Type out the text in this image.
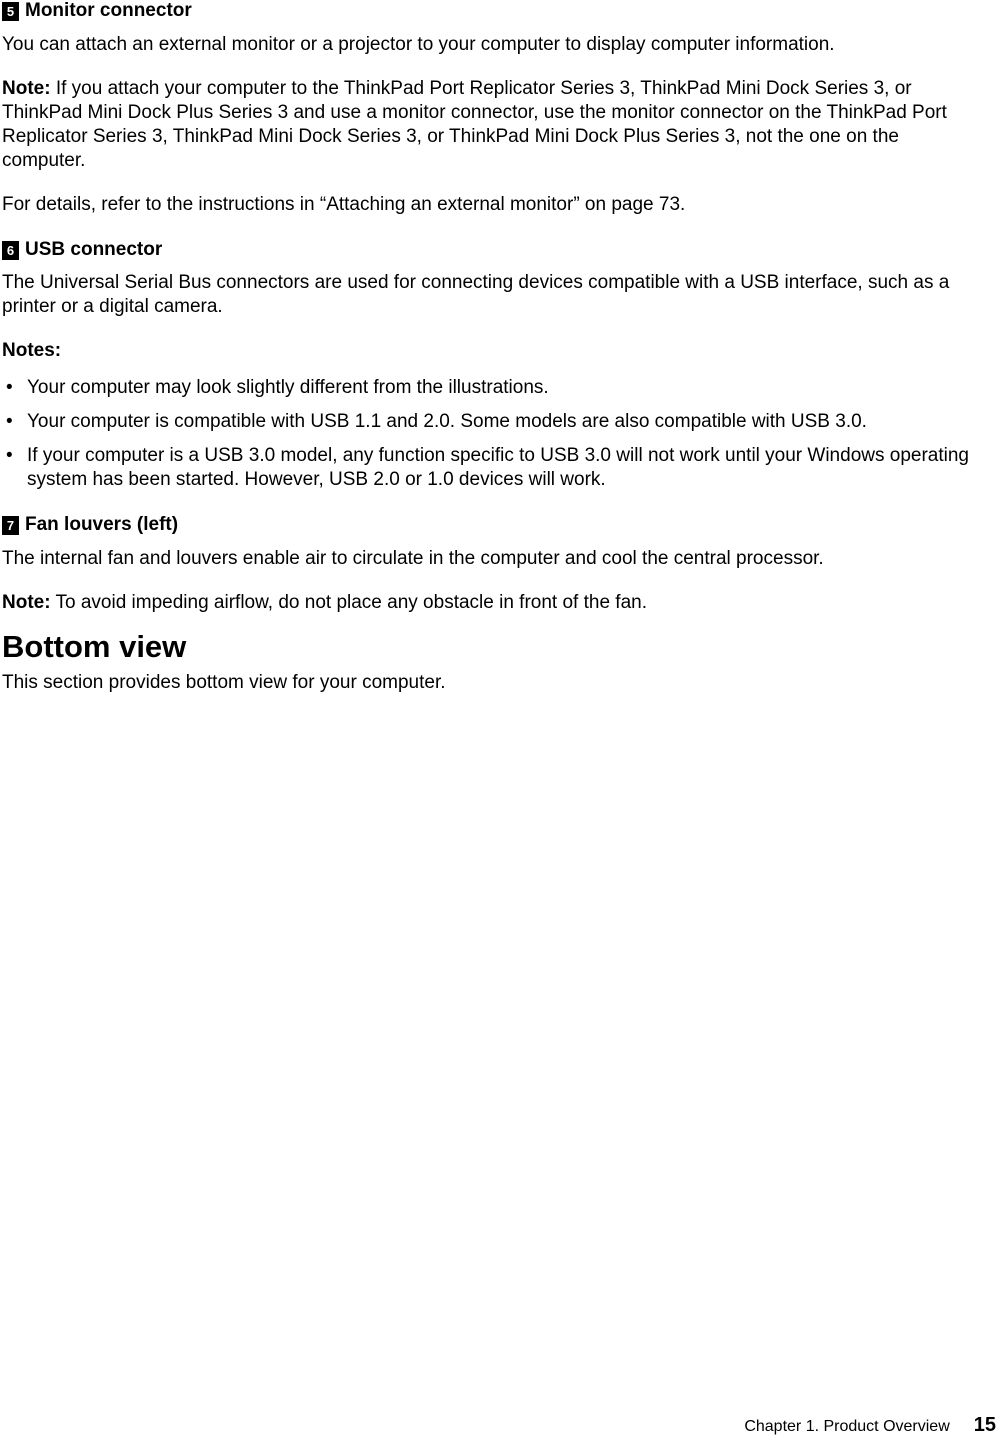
5 Monitor connector

You can attach an external monitor or a projector to your computer to display computer information.

Note: If you attach your computer to the ThinkPad Port Replicator Series 3, ThinkPad Mini Dock Series 3, or ThinkPad Mini Dock Plus Series 3 and use a monitor connector, use the monitor connector on the ThinkPad Port Replicator Series 3, ThinkPad Mini Dock Series 3, or ThinkPad Mini Dock Plus Series 3, not the one on the computer.

For details, refer to the instructions in “Attaching an external monitor” on page 73.

6 USB connector

The Universal Serial Bus connectors are used for connecting devices compatible with a USB interface, such as a printer or a digital camera.

Notes:

• Your computer may look slightly different from the illustrations.
• Your computer is compatible with USB 1.1 and 2.0. Some models are also compatible with USB 3.0.
• If your computer is a USB 3.0 model, any function specific to USB 3.0 will not work until your Windows operating system has been started. However, USB 2.0 or 1.0 devices will work.
7 Fan louvers (left)

The internal fan and louvers enable air to circulate in the computer and cool the central processor.

Note: To avoid impeding airflow, do not place any obstacle in front of the fan.

Bottom view

This section provides bottom view for your computer.

Chapter 1. Product Overview 15
